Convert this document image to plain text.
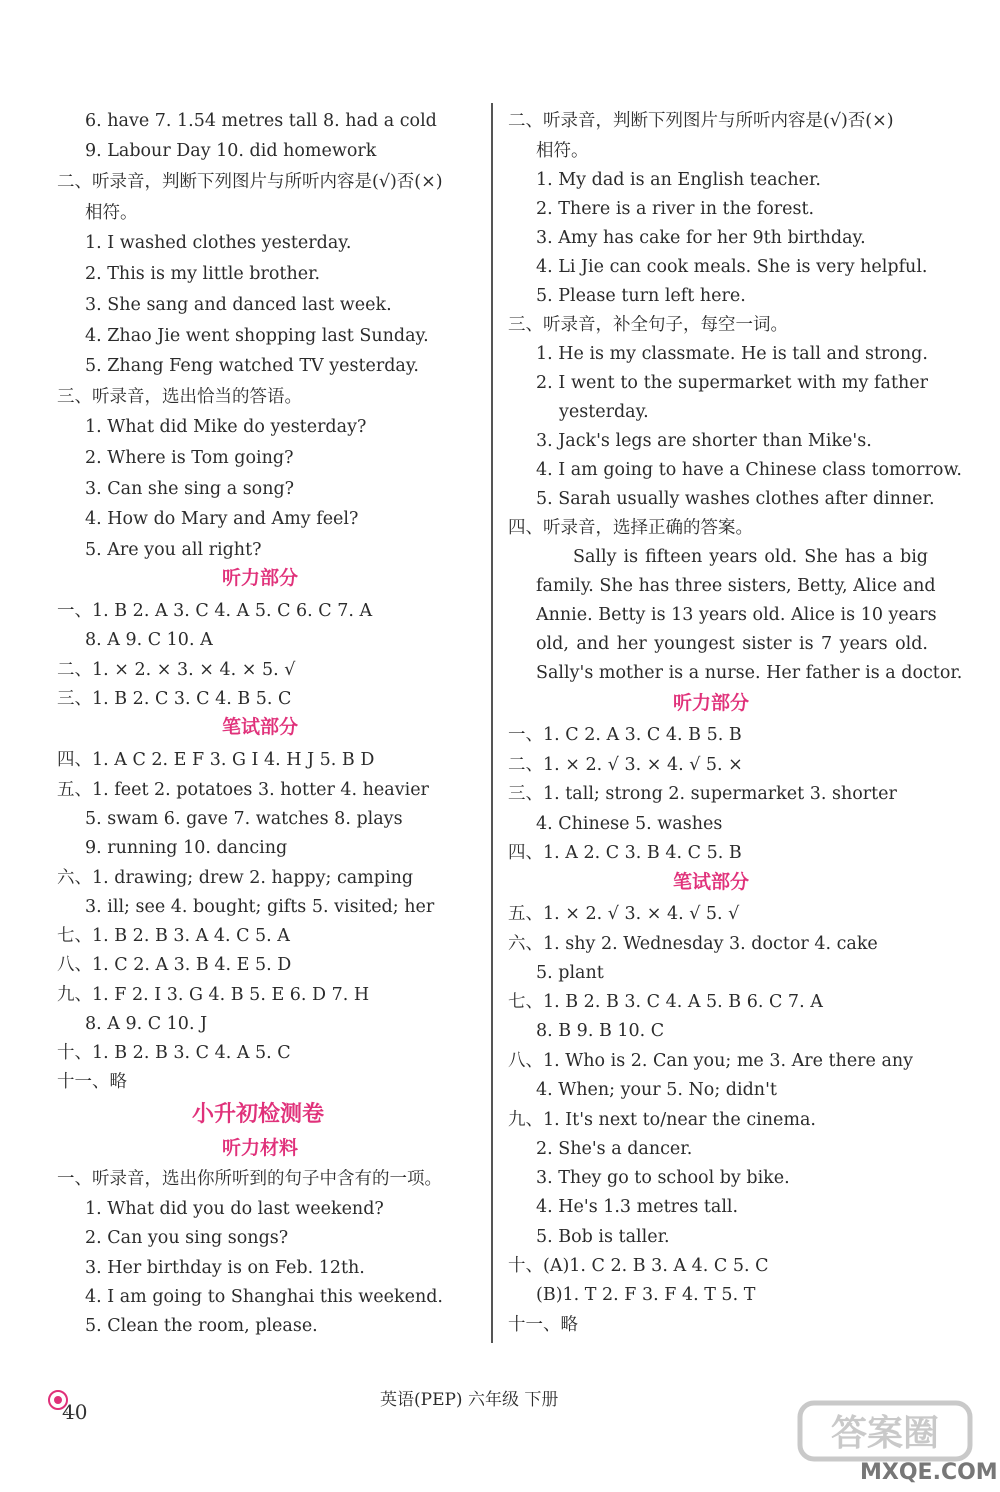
6. have 7. 1.54 metres tall 8. had a cold
9. Labour Day 10. did homework
二、听录音，判断下列图片与所听内容是(√)否(×)
相符。
1. I washed clothes yesterday.
2. This is my little brother.
3. She sang and danced last week.
4. Zhao Jie went shopping last Sunday.
5. Zhang Feng watched TV yesterday.
三、听录音，选出恰当的答语。
1. What did Mike do yesterday?
2. Where is Tom going?
3. Can she sing a song?
4. How do Mary and Amy feel?
5. Are you all right?
听力部分
一、1. B 2. A 3. C 4. A 5. C 6. C 7. A
8. A 9. C 10. A
二、1. × 2. × 3. × 4. × 5. √
三、1. B 2. C 3. C 4. B 5. C
笔试部分
四、1. A C 2. E F 3. G I 4. H J 5. B D
五、1. feet 2. potatoes 3. hotter 4. heavier
5. swam 6. gave 7. watches 8. plays
9. running 10. dancing
六、1. drawing; drew 2. happy; camping
3. ill; see 4. bought; gifts 5. visited; her
七、1. B 2. B 3. A 4. C 5. A
八、1. C 2. A 3. B 4. E 5. D
九、1. F 2. I 3. G 4. B 5. E 6. D 7. H
8. A 9. C 10. J
十、1. B 2. B 3. C 4. A 5. C
十一、略
小升初检测卷
听力材料
一、听录音，选出你所听到的句子中含有的一项。
1. What did you do last weekend?
2. Can you sing songs?
3. Her birthday is on Feb. 12th.
4. I am going to Shanghai this weekend.
5. Clean the room, please.
二、听录音，判断下列图片与所听内容是(√)否(×)
相符。
1. My dad is an English teacher.
2. There is a river in the forest.
3. Amy has cake for her 9th birthday.
4. Li Jie can cook meals. She is very helpful.
5. Please turn left here.
三、听录音，补全句子，每空一词。
1. He is my classmate. He is tall and strong.
2. I went to the supermarket with my father
yesterday.
3. Jack's legs are shorter than Mike's.
4. I am going to have a Chinese class tomorrow.
5. Sarah usually washes clothes after dinner.
四、听录音，选择正确的答案。
Sally is fifteen years old. She has a big
family. She has three sisters, Betty, Alice and
Annie. Betty is 13 years old. Alice is 10 years
old, and her youngest sister is 7 years old.
Sally's mother is a nurse. Her father is a doctor.
听力部分
一、1. C 2. A 3. C 4. B 5. B
二、1. × 2. √ 3. × 4. √ 5. ×
三、1. tall; strong 2. supermarket 3. shorter
4. Chinese 5. washes
四、1. A 2. C 3. B 4. C 5. B
笔试部分
五、1. × 2. √ 3. × 4. √ 5. √
六、1. shy 2. Wednesday 3. doctor 4. cake
5. plant
七、1. B 2. B 3. C 4. A 5. B 6. C 7. A
8. B 9. B 10. C
八、1. Who is 2. Can you; me 3. Are there any
4. When; your 5. No; didn't
九、1. It's next to/near the cinema.
2. She's a dancer.
3. They go to school by bike.
4. He's 1.3 metres tall.
5. Bob is taller.
十、(A)1. C 2. B 3. A 4. C 5. C
(B)1. T 2. F 3. F 4. T 5. T
十一、略
40	英语(PEP) 六年级 下册
答案圈
MXQE.COM
